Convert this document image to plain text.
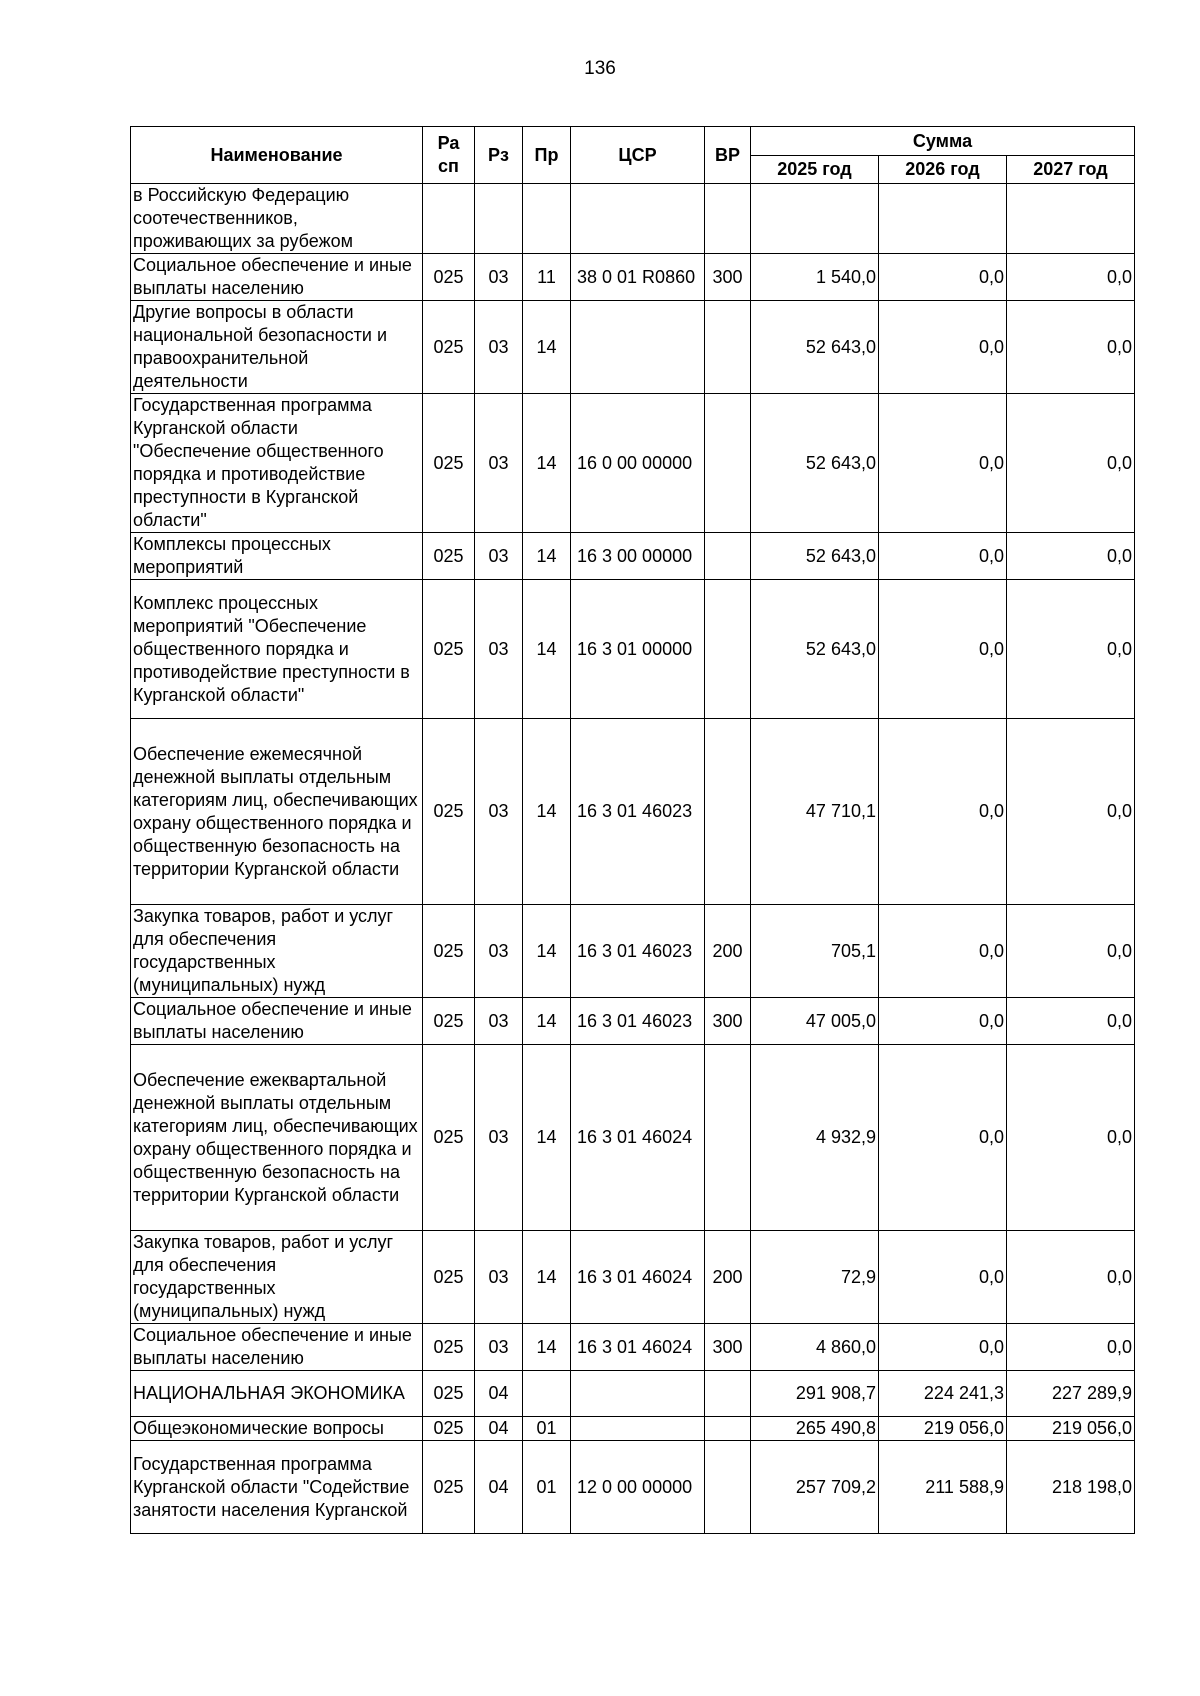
136
Наименование	Ра сп	Рз	Пр	ЦСР	ВР	Сумма		
						2025 год	2026 год	2027 год
в Российскую Федерацию соотечественников, проживающих за рубежом								
Социальное обеспечение и иные выплаты населению	025	03	11	38 0 01 R0860	300	1 540,0	0,0	0,0
Другие вопросы в области национальной безопасности и правоохранительной деятельности	025	03	14			52 643,0	0,0	0,0
Государственная программа Курганской области "Обеспечение общественного порядка и противодействие преступности в Курганской области"	025	03	14	16 0 00 00000		52 643,0	0,0	0,0
Комплексы процессных мероприятий	025	03	14	16 3 00 00000		52 643,0	0,0	0,0
Комплекс процессных мероприятий "Обеспечение общественного порядка и противодействие преступности в Курганской области"	025	03	14	16 3 01 00000		52 643,0	0,0	0,0
Обеспечение ежемесячной денежной выплаты отдельным категориям лиц, обеспечивающих охрану общественного порядка и общественную безопасность на территории Курганской области	025	03	14	16 3 01 46023		47 710,1	0,0	0,0
Закупка товаров, работ и услуг для обеспечения государственных (муниципальных) нужд	025	03	14	16 3 01 46023	200	705,1	0,0	0,0
Социальное обеспечение и иные выплаты населению	025	03	14	16 3 01 46023	300	47 005,0	0,0	0,0
Обеспечение ежеквартальной денежной выплаты отдельным категориям лиц, обеспечивающих охрану общественного порядка и общественную безопасность на территории Курганской области	025	03	14	16 3 01 46024		4 932,9	0,0	0,0
Закупка товаров, работ и услуг для обеспечения государственных (муниципальных) нужд	025	03	14	16 3 01 46024	200	72,9	0,0	0,0
Социальное обеспечение и иные выплаты населению	025	03	14	16 3 01 46024	300	4 860,0	0,0	0,0
НАЦИОНАЛЬНАЯ ЭКОНОМИКА	025	04				291 908,7	224 241,3	227 289,9
Общеэкономические вопросы	025	04	01			265 490,8	219 056,0	219 056,0
Государственная программа Курганской области "Содействие занятости населения Курганской	025	04	01	12 0 00 00000		257 709,2	211 588,9	218 198,0
